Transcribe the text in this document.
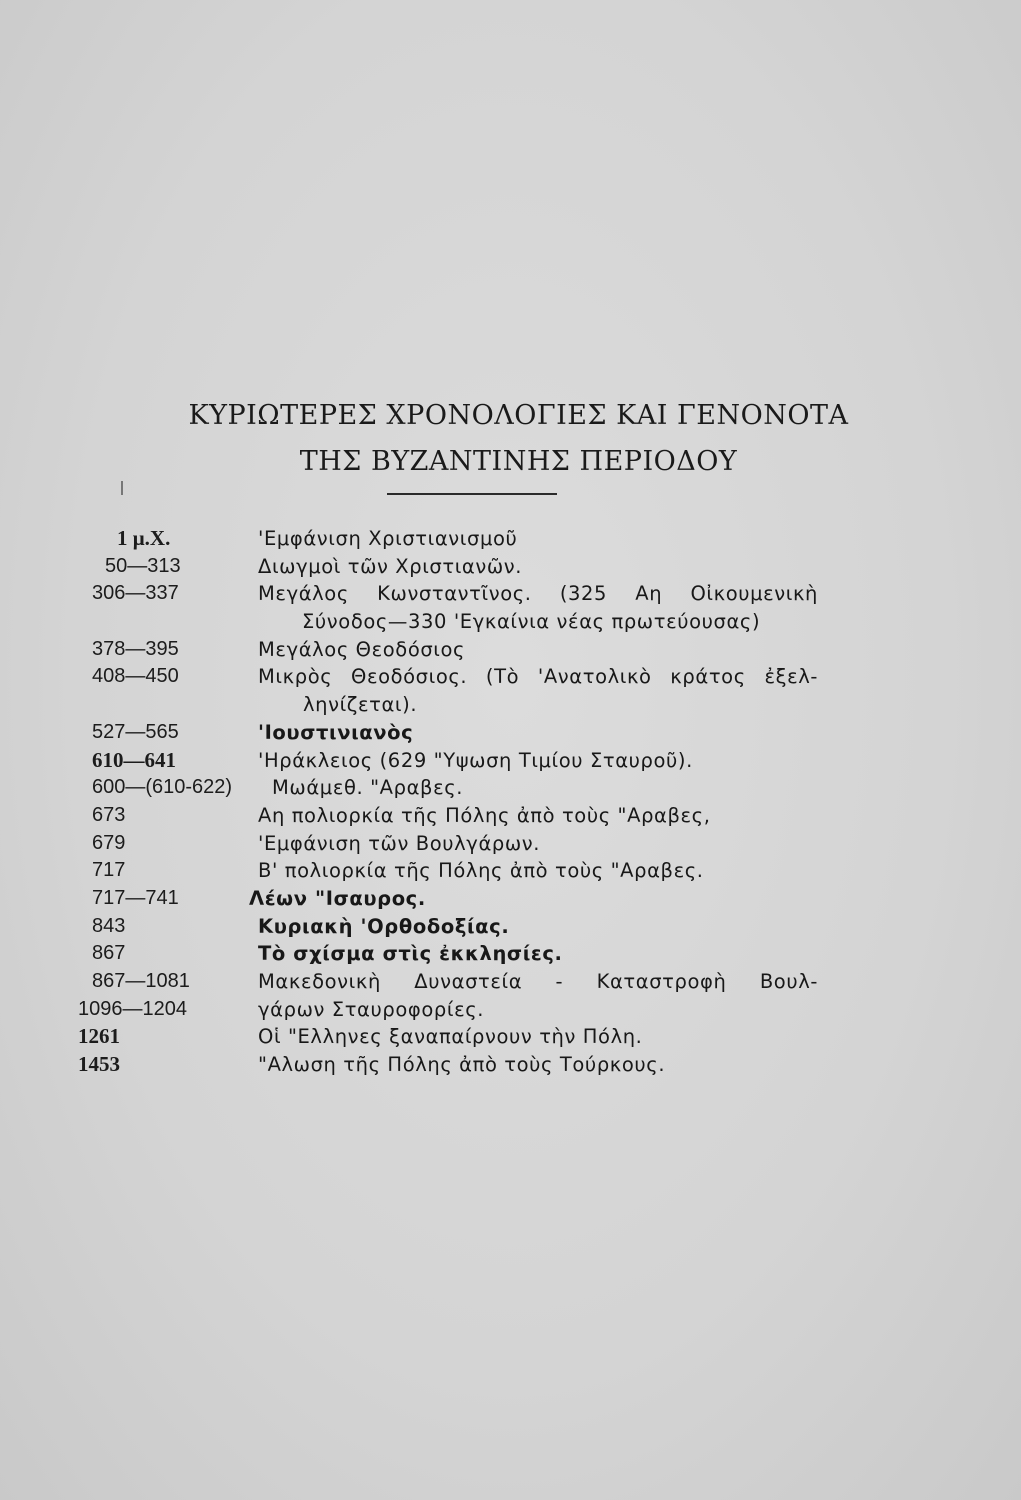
ΚΥΡΙΩΤΕΡΕΣ ΧΡΟΝΟΛΟΓΙΕΣ ΚΑΙ ΓΕΝΟΝΟΤΑ
ΤΗΣ ΒΥΖΑΝΤΙΝΗΣ ΠΕΡΙΟΔΟΥ
1 μ.Χ.	'Εμφάνιση Χριστιανισμοῦ
50—313	Διωγμοὶ τῶν Χριστιανῶν.
306—337	Μεγάλος Κωνσταντῖνος. (325 Αη Οἰκουμενικὴ
Σύνοδος—330 'Εγκαίνια νέας πρωτεύουσας)
378—395	Μεγάλος Θεοδόσιος
408—450	Μικρὸς Θεοδόσιος. (Τὸ 'Ανατολικὸ κράτος ἐξελ-
ληνίζεται).
527—565	'Ιουστινιανὸς
610—641	'Ηράκλειος (629 "Υψωση Τιμίου Σταυροῦ).
600—(610-622) Μωάμεθ. "Αραβες.
673	Αη πολιορκία τῆς Πόλης ἀπὸ τοὺς "Αραβες,
679	'Εμφάνιση τῶν Βουλγάρων.
717	Β' πολιορκία τῆς Πόλης ἀπὸ τοὺς "Αραβες.
717—741	Λέων "Ισαυρος.
843	Κυριακὴ 'Ορθοδοξίας.
867	Τὸ σχίσμα στὶς ἐκκλησίες.
867—1081	Μακεδονικὴ Δυναστεία - Καταστροφὴ Βουλ-
1096—1204	γάρων Σταυροφορίες.
1261	Οἱ "Ελληνες ξαναπαίρνουν τὴν Πόλη.
1453	"Αλωση τῆς Πόλης ἀπὸ τοὺς Τούρκους.
